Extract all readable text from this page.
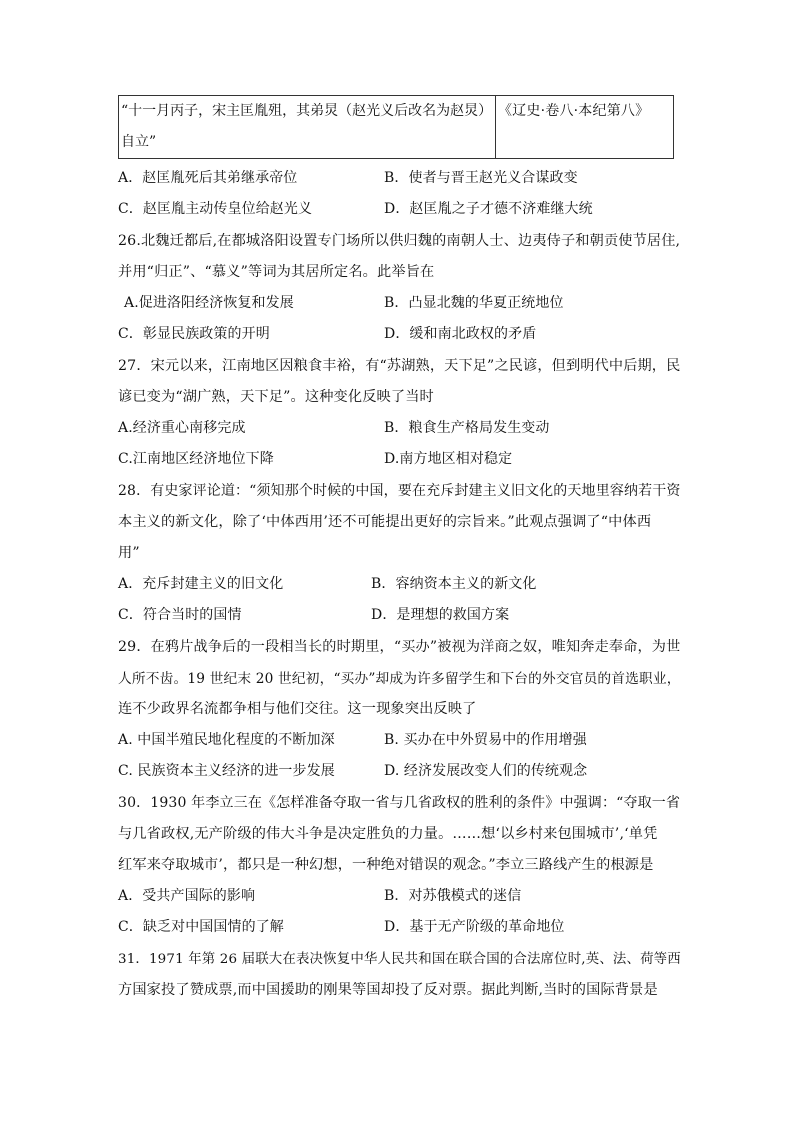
“十一月丙子，宋主匡胤殂，其弟炅（赵光义后改名为赵炅）
自立”
	《辽史·卷八·本纪第八》
A．赵匡胤死后其弟继承帝位	B．使者与晋王赵光义合谋政变
C．赵匡胤主动传皇位给赵光义	D．赵匡胤之子才德不济难继大统
26.北魏迁都后,在都城洛阳设置专门场所以供归魏的南朝人士、边夷侍子和朝贡使节居住,
并用“归正”、“慕义”等词为其居所定名。此举旨在
A.促进洛阳经济恢复和发展	B．凸显北魏的华夏正统地位
C．彰显民族政策的开明	D．缓和南北政权的矛盾
27．宋元以来，江南地区因粮食丰裕，有“苏湖熟，天下足”之民谚，但到明代中后期，民
谚已变为“湖广熟，天下足”。这种变化反映了当时
A.经济重心南移完成	B．粮食生产格局发生变动
C.江南地区经济地位下降	D.南方地区相对稳定
28．有史家评论道：“须知那个时候的中国，要在充斥封建主义旧文化的天地里容纳若干资
本主义的新文化，除了‘中体西用’还不可能提出更好的宗旨来。”此观点强调了“中体西
用”
A．充斥封建主义的旧文化	B．容纳资本主义的新文化
C．符合当时的国情	D．是理想的救国方案
29．在鸦片战争后的一段相当长的时期里，“买办”被视为洋商之奴，唯知奔走奉命，为世
人所不齿。19 世纪末 20 世纪初，“买办”却成为许多留学生和下台的外交官员的首选职业，
连不少政界名流都争相与他们交往。这一现象突出反映了
A. 中国半殖民地化程度的不断加深	B. 买办在中外贸易中的作用增强
C. 民族资本主义经济的进一步发展	D. 经济发展改变人们的传统观念
30．1930 年李立三在《怎样准备夺取一省与几省政权的胜利的条件》中强调：“夺取一省
与几省政权,无产阶级的伟大斗争是决定胜负的力量。……想‘以乡村来包围城市’,‘单凭
红军来夺取城市’，都只是一种幻想，一种绝对错误的观念。”李立三路线产生的根源是
A．受共产国际的影响	B．对苏俄模式的迷信
C．缺乏对中国国情的了解	D．基于无产阶级的革命地位
31．1971 年第 26 届联大在表决恢复中华人民共和国在联合国的合法席位时,英、法、荷等西
方国家投了赞成票,而中国援助的刚果等国却投了反对票。据此判断,当时的国际背景是
